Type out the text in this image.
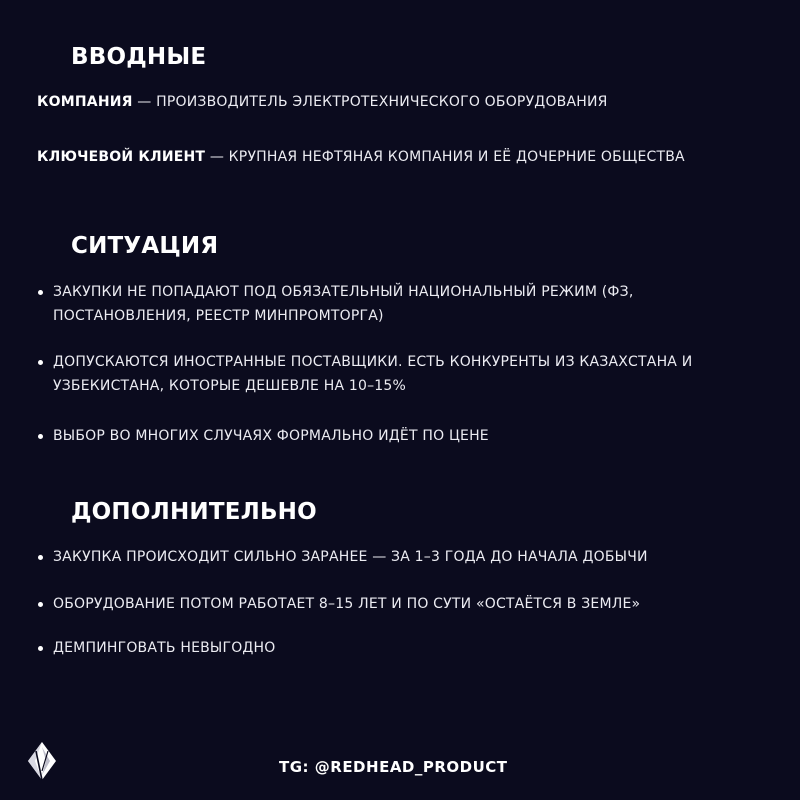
ВВОДНЫЕ

КОМПАНИЯ — ПРОИЗВОДИТЕЛЬ ЭЛЕКТРОТЕХНИЧЕСКОГО ОБОРУДОВАНИЯ

КЛЮЧЕВОЙ КЛИЕНТ — КРУПНАЯ НЕФТЯНАЯ КОМПАНИЯ И ЕЁ ДОЧЕРНИЕ ОБЩЕСТВА

СИТУАЦИЯ
ЗАКУПКИ НЕ ПОПАДАЮТ ПОД ОБЯЗАТЕЛЬНЫЙ НАЦИОНАЛЬНЫЙ РЕЖИМ (ФЗ, ПОСТАНОВЛЕНИЯ, РЕЕСТР МИНПРОМТОРГА)
ДОПУСКАЮТСЯ ИНОСТРАННЫЕ ПОСТАВЩИКИ. ЕСТЬ КОНКУРЕНТЫ ИЗ КАЗАХСТАНА И УЗБЕКИСТАНА, КОТОРЫЕ ДЕШЕВЛЕ НА 10–15%
ВЫБОР ВО МНОГИХ СЛУЧАЯХ ФОРМАЛЬНО ИДЁТ ПО ЦЕНЕ
ДОПОЛНИТЕЛЬНО
ЗАКУПКА ПРОИСХОДИТ СИЛЬНО ЗАРАНЕЕ — ЗА 1–3 ГОДА ДО НАЧАЛА ДОБЫЧИ
ОБОРУДОВАНИЕ ПОТОМ РАБОТАЕТ 8–15 ЛЕТ И ПО СУТИ «ОСТАЁТСЯ В ЗЕМЛЕ»
ДЕМПИНГОВАТЬ НЕВЫГОДНО
TG: @REDHEAD_PRODUCT
